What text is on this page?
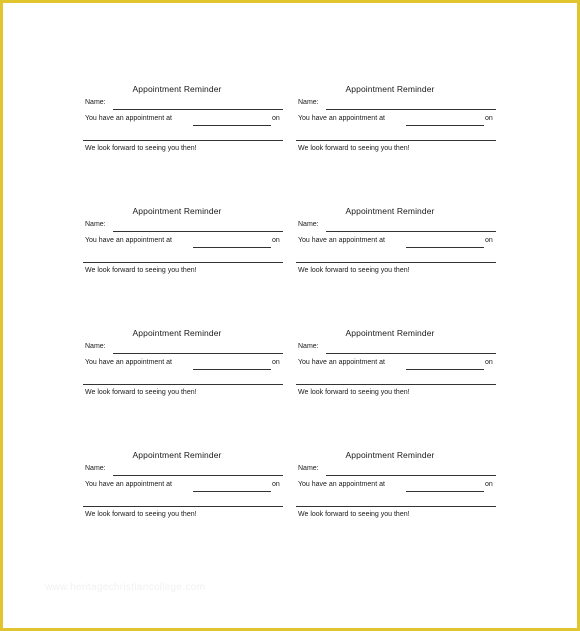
Appointment Reminder
Name:
You have an appointment at	on
We look forward to seeing you then!
Appointment Reminder
Name:
You have an appointment at	on
We look forward to seeing you then!
Appointment Reminder
Name:
You have an appointment at	on
We look forward to seeing you then!
Appointment Reminder
Name:
You have an appointment at	on
We look forward to seeing you then!
Appointment Reminder
Name:
You have an appointment at	on
We look forward to seeing you then!
Appointment Reminder
Name:
You have an appointment at	on
We look forward to seeing you then!
Appointment Reminder
Name:
You have an appointment at	on
We look forward to seeing you then!
Appointment Reminder
Name:
You have an appointment at	on
We look forward to seeing you then!
www.heritagechristiancollege.com
